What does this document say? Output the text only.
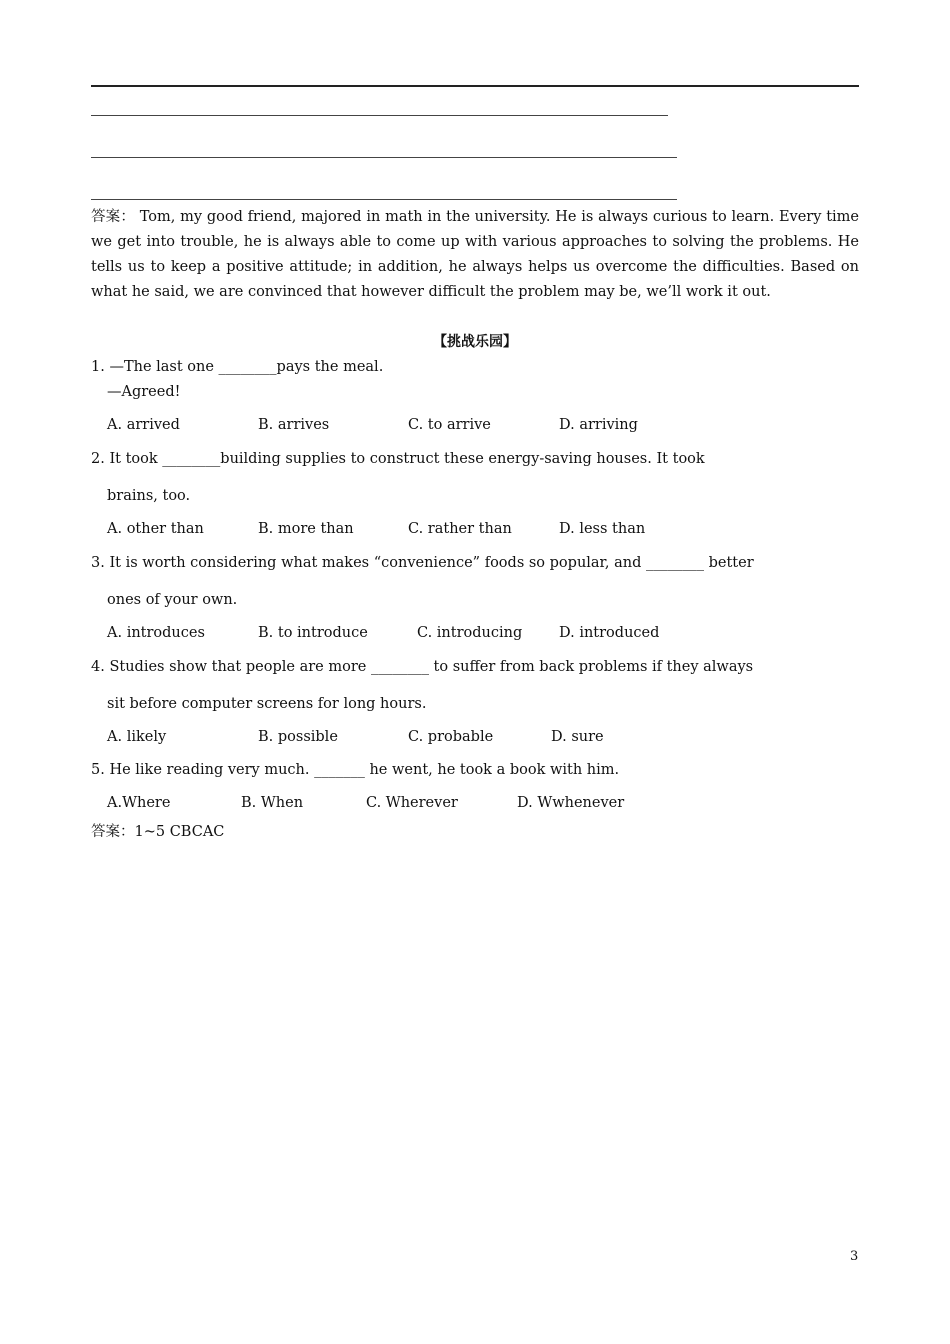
答案： Tom, my good friend, majored in math in the university. He is always curious to learn. Every time we get into trouble, he is always able to come up with various approaches to solving the problems. He tells us to keep a positive attitude; in addition, he always helps us overcome the difficulties. Based on what he said, we are convinced that however difficult the problem may be, we’ll work it out.
【挑战乐园】
1. —The last one ________pays the meal.
—Agreed!
A. arrived	B. arrives	C. to arrive	D. arriving
2. It took ________building supplies to construct these energy-saving houses. It took
brains, too.
A. other than	B. more than	C. rather than	D. less than
3. It is worth considering what makes “convenience” foods so popular, and ________ better
ones of your own.
A. introduces	B. to introduce	C. introducing	D. introduced
4. Studies show that people are more ________ to suffer from back problems if they always
sit before computer screens for long hours.
A. likely	B. possible	C. probable	D. sure
5. He like reading very much. _______ he went, he took a book with him.
A.Where	B. When	C. Wherever	D. Wwhenever
答案：1~5 CBCAC
3
